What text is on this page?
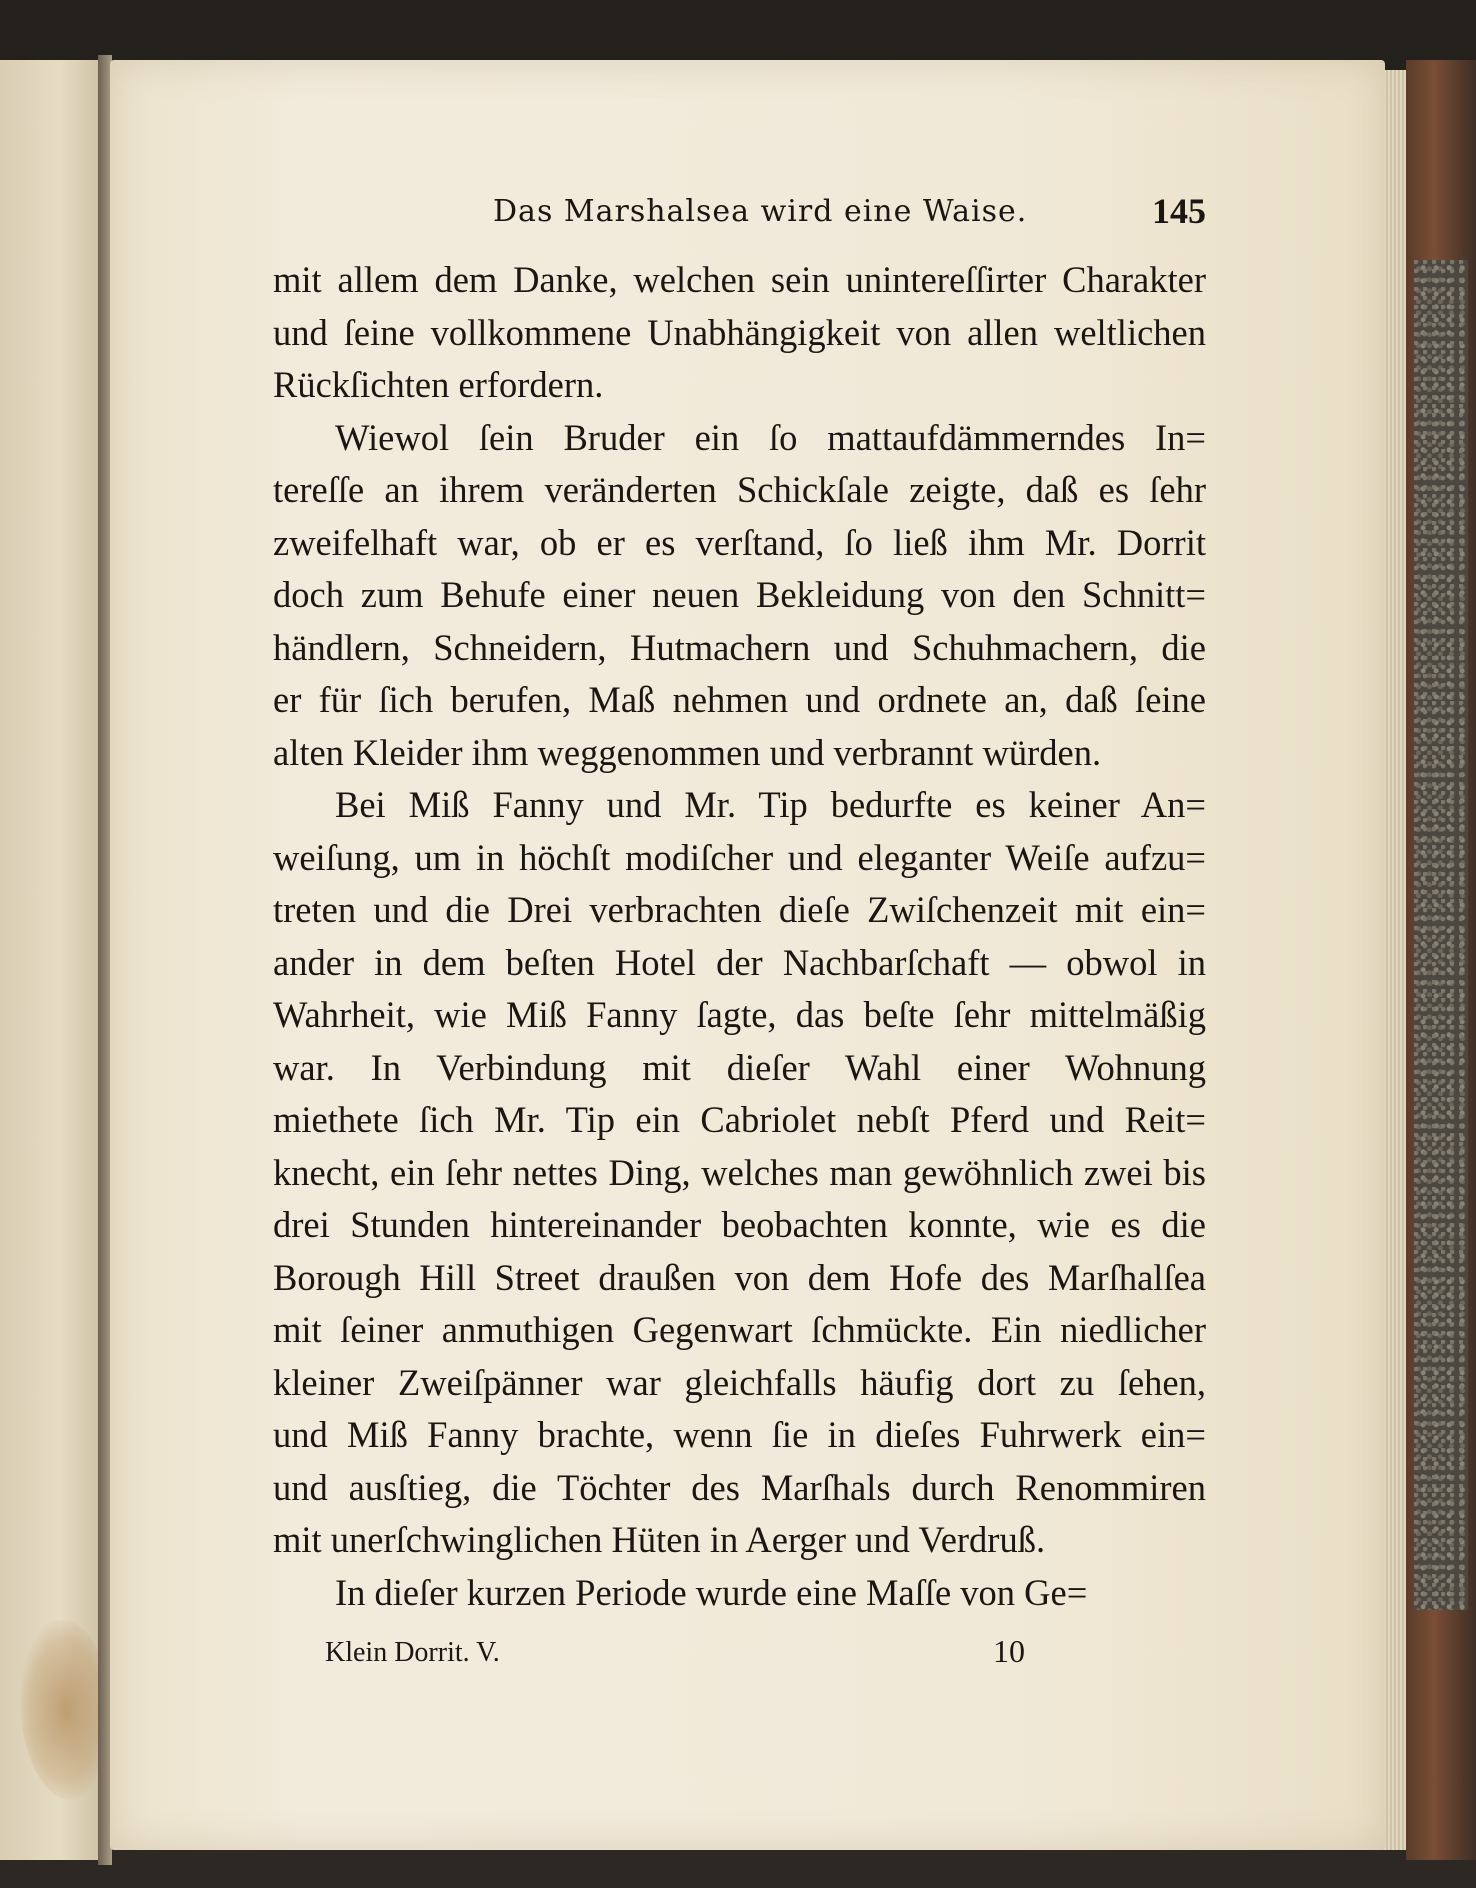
Das Marshalsea wird eine Waise.	145

mit allem dem Danke, welchen sein unintereſſirter Charakter
und ſeine vollkommene Unabhängigkeit von allen weltlichen
Rückſichten erfordern.

Wiewol ſein Bruder ein ſo mattaufdämmerndes In=
tereſſe an ihrem veränderten Schickſale zeigte, daß es ſehr
zweifelhaft war, ob er es verſtand, ſo ließ ihm Mr. Dorrit
doch zum Behufe einer neuen Bekleidung von den Schnitt=
händlern, Schneidern, Hutmachern und Schuhmachern, die
er für ſich berufen, Maß nehmen und ordnete an, daß ſeine
alten Kleider ihm weggenommen und verbrannt würden.

Bei Miß Fanny und Mr. Tip bedurfte es keiner An=
weiſung, um in höchſt modiſcher und eleganter Weiſe aufzu=
treten und die Drei verbrachten dieſe Zwiſchenzeit mit ein=
ander in dem beſten Hotel der Nachbarſchaft — obwol in
Wahrheit, wie Miß Fanny ſagte, das beſte ſehr mittelmäßig
war. In Verbindung mit dieſer Wahl einer Wohnung
miethete ſich Mr. Tip ein Cabriolet nebſt Pferd und Reit=
knecht, ein ſehr nettes Ding, welches man gewöhnlich zwei bis
drei Stunden hintereinander beobachten konnte, wie es die
Borough Hill Street draußen von dem Hofe des Marſhalſea
mit ſeiner anmuthigen Gegenwart ſchmückte. Ein niedlicher
kleiner Zweiſpänner war gleichfalls häufig dort zu ſehen,
und Miß Fanny brachte, wenn ſie in dieſes Fuhrwerk ein=
und ausſtieg, die Töchter des Marſhals durch Renommiren
mit unerſchwinglichen Hüten in Aerger und Verdruß.

In dieſer kurzen Periode wurde eine Maſſe von Ge=

Klein Dorrit. V.	10
